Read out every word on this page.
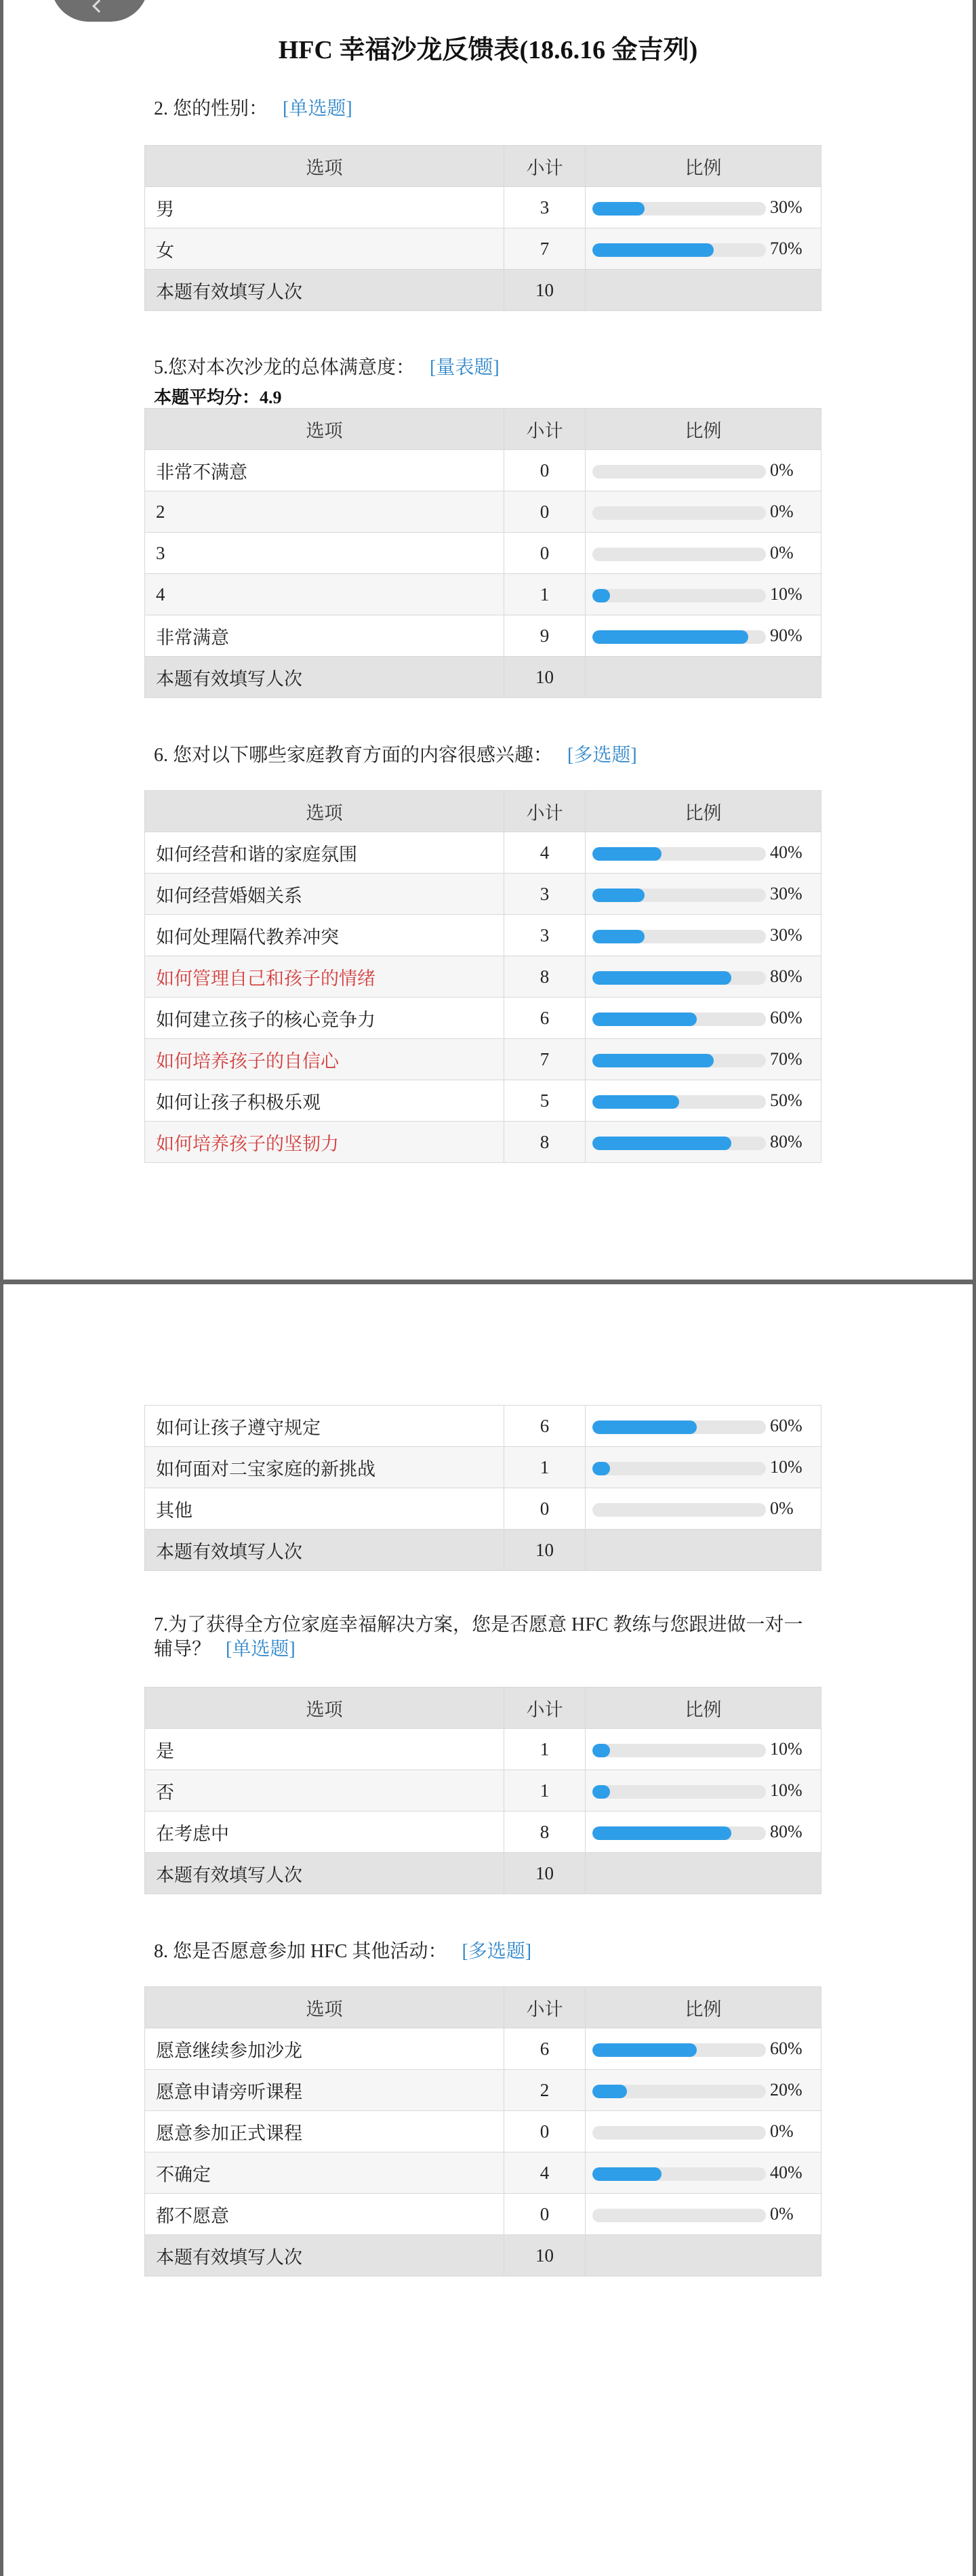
HFC 幸福沙龙反馈表(18.6.16 金吉列)
2. 您的性别： [单选题]
选项	小计	比例
男	3	30%

女	7	70%

本题有效填写人次	10	
5.您对本次沙龙的总体满意度： [量表题]
本题平均分：4.9
选项	小计	比例
非常不满意	0	0%

2	0	0%

3	0	0%

4	1	10%

非常满意	9	90%

本题有效填写人次	10	
6. 您对以下哪些家庭教育方面的内容很感兴趣： [多选题]
选项	小计	比例
如何经营和谐的家庭氛围	4	40%

如何经营婚姻关系	3	30%

如何处理隔代教养冲突	3	30%

如何管理自己和孩子的情绪	8	80%

如何建立孩子的核心竞争力	6	60%

如何培养孩子的自信心	7	70%

如何让孩子积极乐观	5	50%

如何培养孩子的坚韧力	8	80%
如何让孩子遵守规定	6	60%

如何面对二宝家庭的新挑战	1	10%

其他	0	0%

本题有效填写人次	10	
7.为了获得全方位家庭幸福解决方案，您是否愿意 HFC 教练与您跟进做一对一
辅导？ [单选题]
选项	小计	比例
是	1	10%

否	1	10%

在考虑中	8	80%

本题有效填写人次	10	
8. 您是否愿意参加 HFC 其他活动： [多选题]
选项	小计	比例
愿意继续参加沙龙	6	60%

愿意申请旁听课程	2	20%

愿意参加正式课程	0	0%

不确定	4	40%

都不愿意	0	0%

本题有效填写人次	10	
